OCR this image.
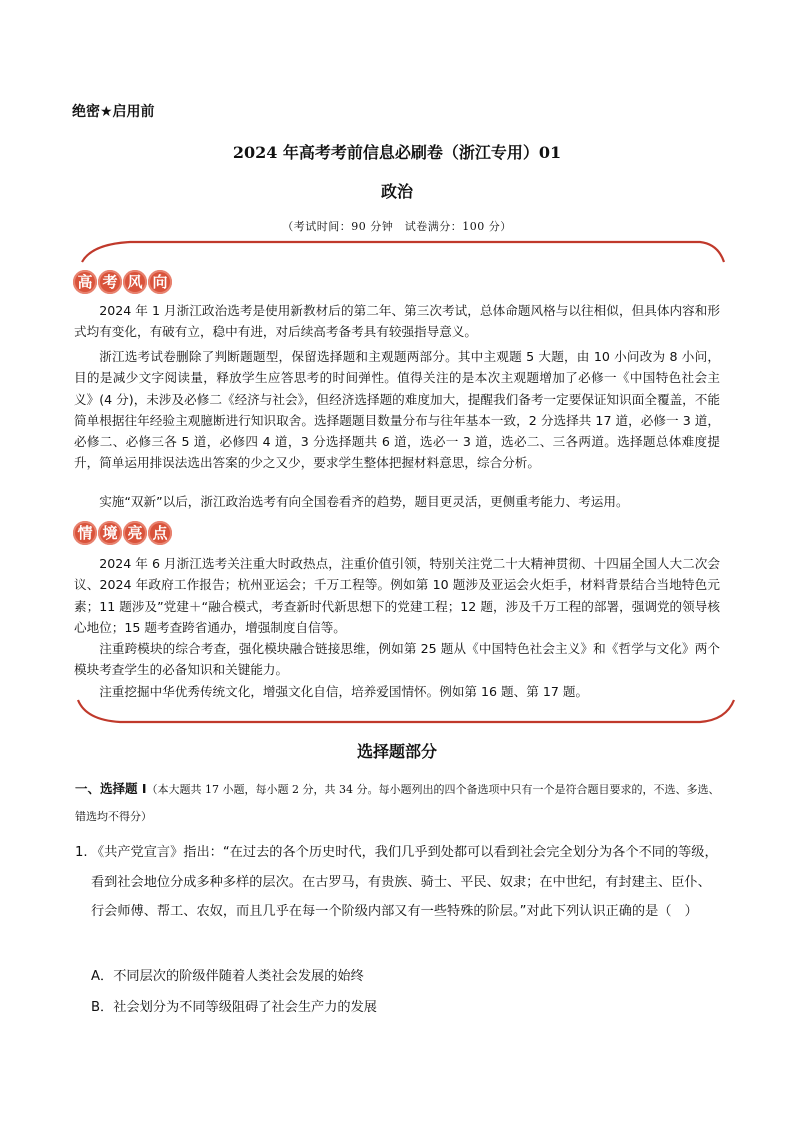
绝密★启用前
2024 年高考考前信息必刷卷（浙江专用）01
政治
（考试时间：90 分钟　试卷满分：100 分）
高 考 风 向

2024 年 1 月浙江政治选考是使用新教材后的第二年、第三次考试，总体命题风格与以往相似，但具体内容和形式均有变化，有破有立，稳中有进，对后续高考备考具有较强指导意义。

浙江选考试卷删除了判断题题型，保留选择题和主观题两部分。其中主观题 5 大题，由 10 小问改为 8 小问，目的是减少文字阅读量，释放学生应答思考的时间弹性。值得关注的是本次主观题增加了必修一《中国特色社会主义》(4 分)，未涉及必修二《经济与社会》，但经济选择题的难度加大，提醒我们备考一定要保证知识面全覆盖，不能简单根据往年经验主观臆断进行知识取舍。选择题题目数量分布与往年基本一致，2 分选择共 17 道，必修一 3 道，必修二、必修三各 5 道，必修四 4 道，3 分选择题共 6 道，选必一 3 道，选必二、三各两道。选择题总体难度提升，简单运用排误法选出答案的少之又少，要求学生整体把握材料意思，综合分析。

实施“双新”以后，浙江政治选考有向全国卷看齐的趋势，题目更灵活，更侧重考能力、考运用。

情 境 亮 点

2024 年 6 月浙江选考关注重大时政热点，注重价值引领，特别关注党二十大精神贯彻、十四届全国人大二次会议、2024 年政府工作报告；杭州亚运会；千万工程等。例如第 10 题涉及亚运会火炬手，材料背景结合当地特色元素；11 题涉及”党建＋“融合模式，考查新时代新思想下的党建工程；12 题，涉及千万工程的部署，强调党的领导核心地位；15 题考查跨省通办，增强制度自信等。

注重跨模块的综合考查，强化模块融合链接思维，例如第 25 题从《中国特色社会主义》和《哲学与文化》两个模块考查学生的必备知识和关键能力。

注重挖掘中华优秀传统文化，增强文化自信，培养爱国情怀。例如第 16 题、第 17 题。

选择题部分
一、选择题 I（本大题共 17 小题，每小题 2 分，共 34 分。每小题列出的四个备选项中只有一个是符合题目要求的，不选、多选、错选均不得分）
1. 《共产党宣言》指出：“在过去的各个历史时代，我们几乎到处都可以看到社会完全划分为各个不同的等级，看到社会地位分成多种多样的层次。在古罗马，有贵族、骑士、平民、奴隶；在中世纪，有封建主、臣仆、行会师傅、帮工、农奴，而且几乎在每一个阶级内部又有一些特殊的阶层。”对此下列认识正确的是（　）
A．不同层次的阶级伴随着人类社会发展的始终
B．社会划分为不同等级阻碍了社会生产力的发展
